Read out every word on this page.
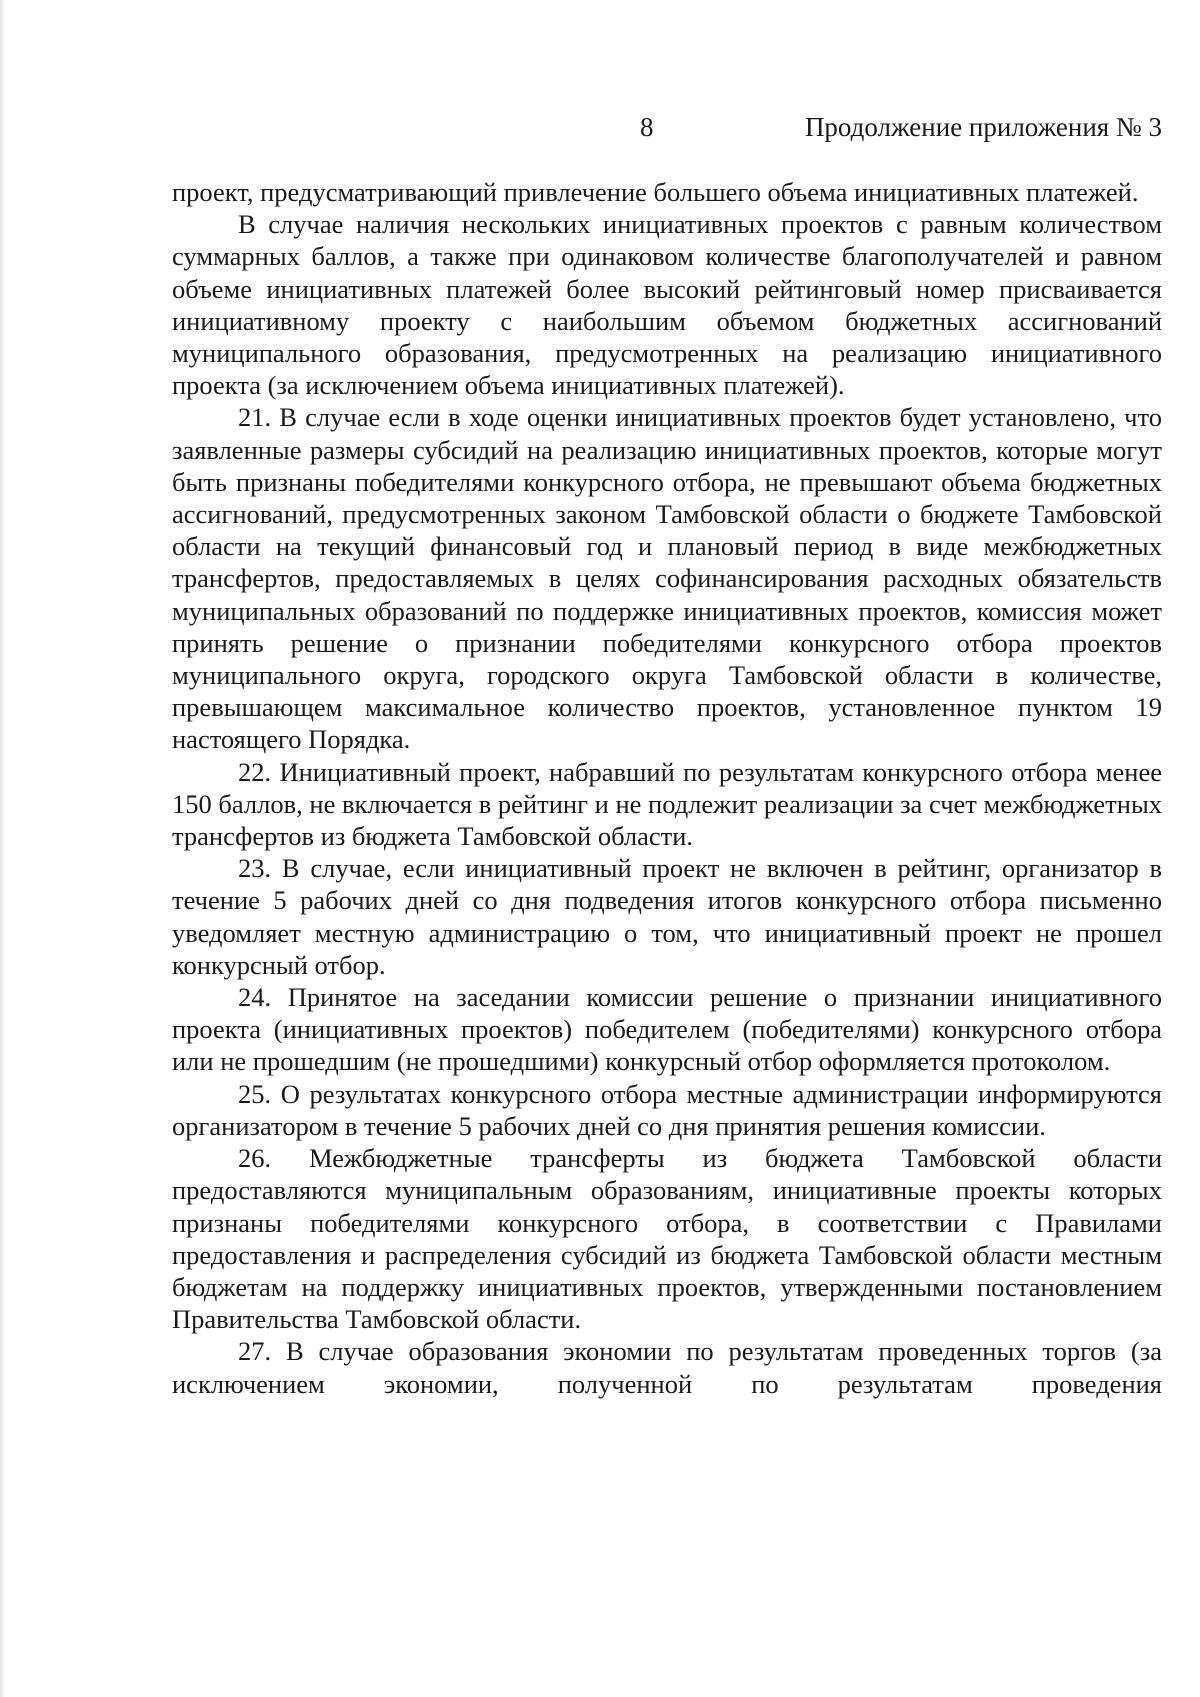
8	Продолжение приложения № 3

проект, предусматривающий привлечение большего объема инициативных платежей.

В случае наличия нескольких инициативных проектов с равным количеством суммарных баллов, а также при одинаковом количестве благополучателей и равном объеме инициативных платежей более высокий рейтинговый номер присваивается инициативному проекту с наибольшим объемом бюджетных ассигнований муниципального образования, предусмотренных на реализацию инициативного проекта (за исключением объема инициативных платежей).

21. В случае если в ходе оценки инициативных проектов будет установлено, что заявленные размеры субсидий на реализацию инициативных проектов, которые могут быть признаны победителями конкурсного отбора, не превышают объема бюджетных ассигнований, предусмотренных законом Тамбовской области о бюджете Тамбовской области на текущий финансовый год и плановый период в виде межбюджетных трансфертов, предоставляемых в целях софинансирования расходных обязательств муниципальных образований по поддержке инициативных проектов, комиссия может принять решение о признании победителями конкурсного отбора проектов муниципального округа, городского округа Тамбовской области в количестве, превышающем максимальное количество проектов, установленное пунктом 19 настоящего Порядка.

22. Инициативный проект, набравший по результатам конкурсного отбора менее 150 баллов, не включается в рейтинг и не подлежит реализации за счет межбюджетных трансфертов из бюджета Тамбовской области.

23. В случае, если инициативный проект не включен в рейтинг, организатор в течение 5 рабочих дней со дня подведения итогов конкурсного отбора письменно уведомляет местную администрацию о том, что инициативный проект не прошел конкурсный отбор.

24. Принятое на заседании комиссии решение о признании инициативного проекта (инициативных проектов) победителем (победителями) конкурсного отбора или не прошедшим (не прошедшими) конкурсный отбор оформляется протоколом.

25. О результатах конкурсного отбора местные администрации информируются организатором в течение 5 рабочих дней со дня принятия решения комиссии.

26. Межбюджетные трансферты из бюджета Тамбовской области предоставляются муниципальным образованиям, инициативные проекты которых признаны победителями конкурсного отбора, в соответствии с Правилами предоставления и распределения субсидий из бюджета Тамбовской области местным бюджетам на поддержку инициативных проектов, утвержденными постановлением Правительства Тамбовской области.

27. В случае образования экономии по результатам проведенных торгов (за исключением экономии, полученной по результатам проведения
